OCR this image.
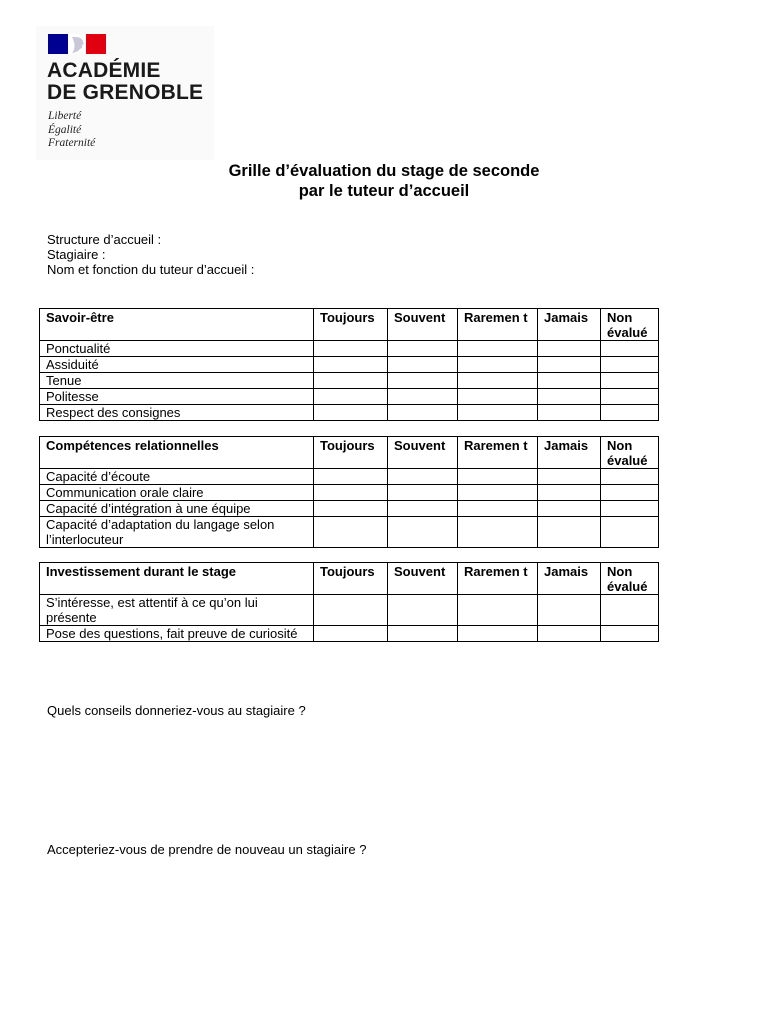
ACADÉMIE
DE GRENOBLE
Liberté
Égalité
Fraternité
Grille d’évaluation du stage de seconde
par le tuteur d’accueil
Structure d’accueil :
Stagiaire :
Nom et fonction du tuteur d’accueil :
Savoir-être	Toujours	Souvent	Raremen t	Jamais	Non évalué
Ponctualité					
Assiduité					
Tenue					
Politesse					
Respect des consignes					
Compétences relationnelles	Toujours	Souvent	Raremen t	Jamais	Non évalué
Capacité d’écoute					
Communication orale claire					
Capacité d’intégration à une équipe					
Capacité d’adaptation du langage selon l’interlocuteur					
Investissement durant le stage	Toujours	Souvent	Raremen t	Jamais	Non évalué
S’intéresse, est attentif à ce qu’on lui présente					
Pose des questions, fait preuve de curiosité					
Quels conseils donneriez-vous au stagiaire ?
Accepteriez-vous de prendre de nouveau un stagiaire ?
